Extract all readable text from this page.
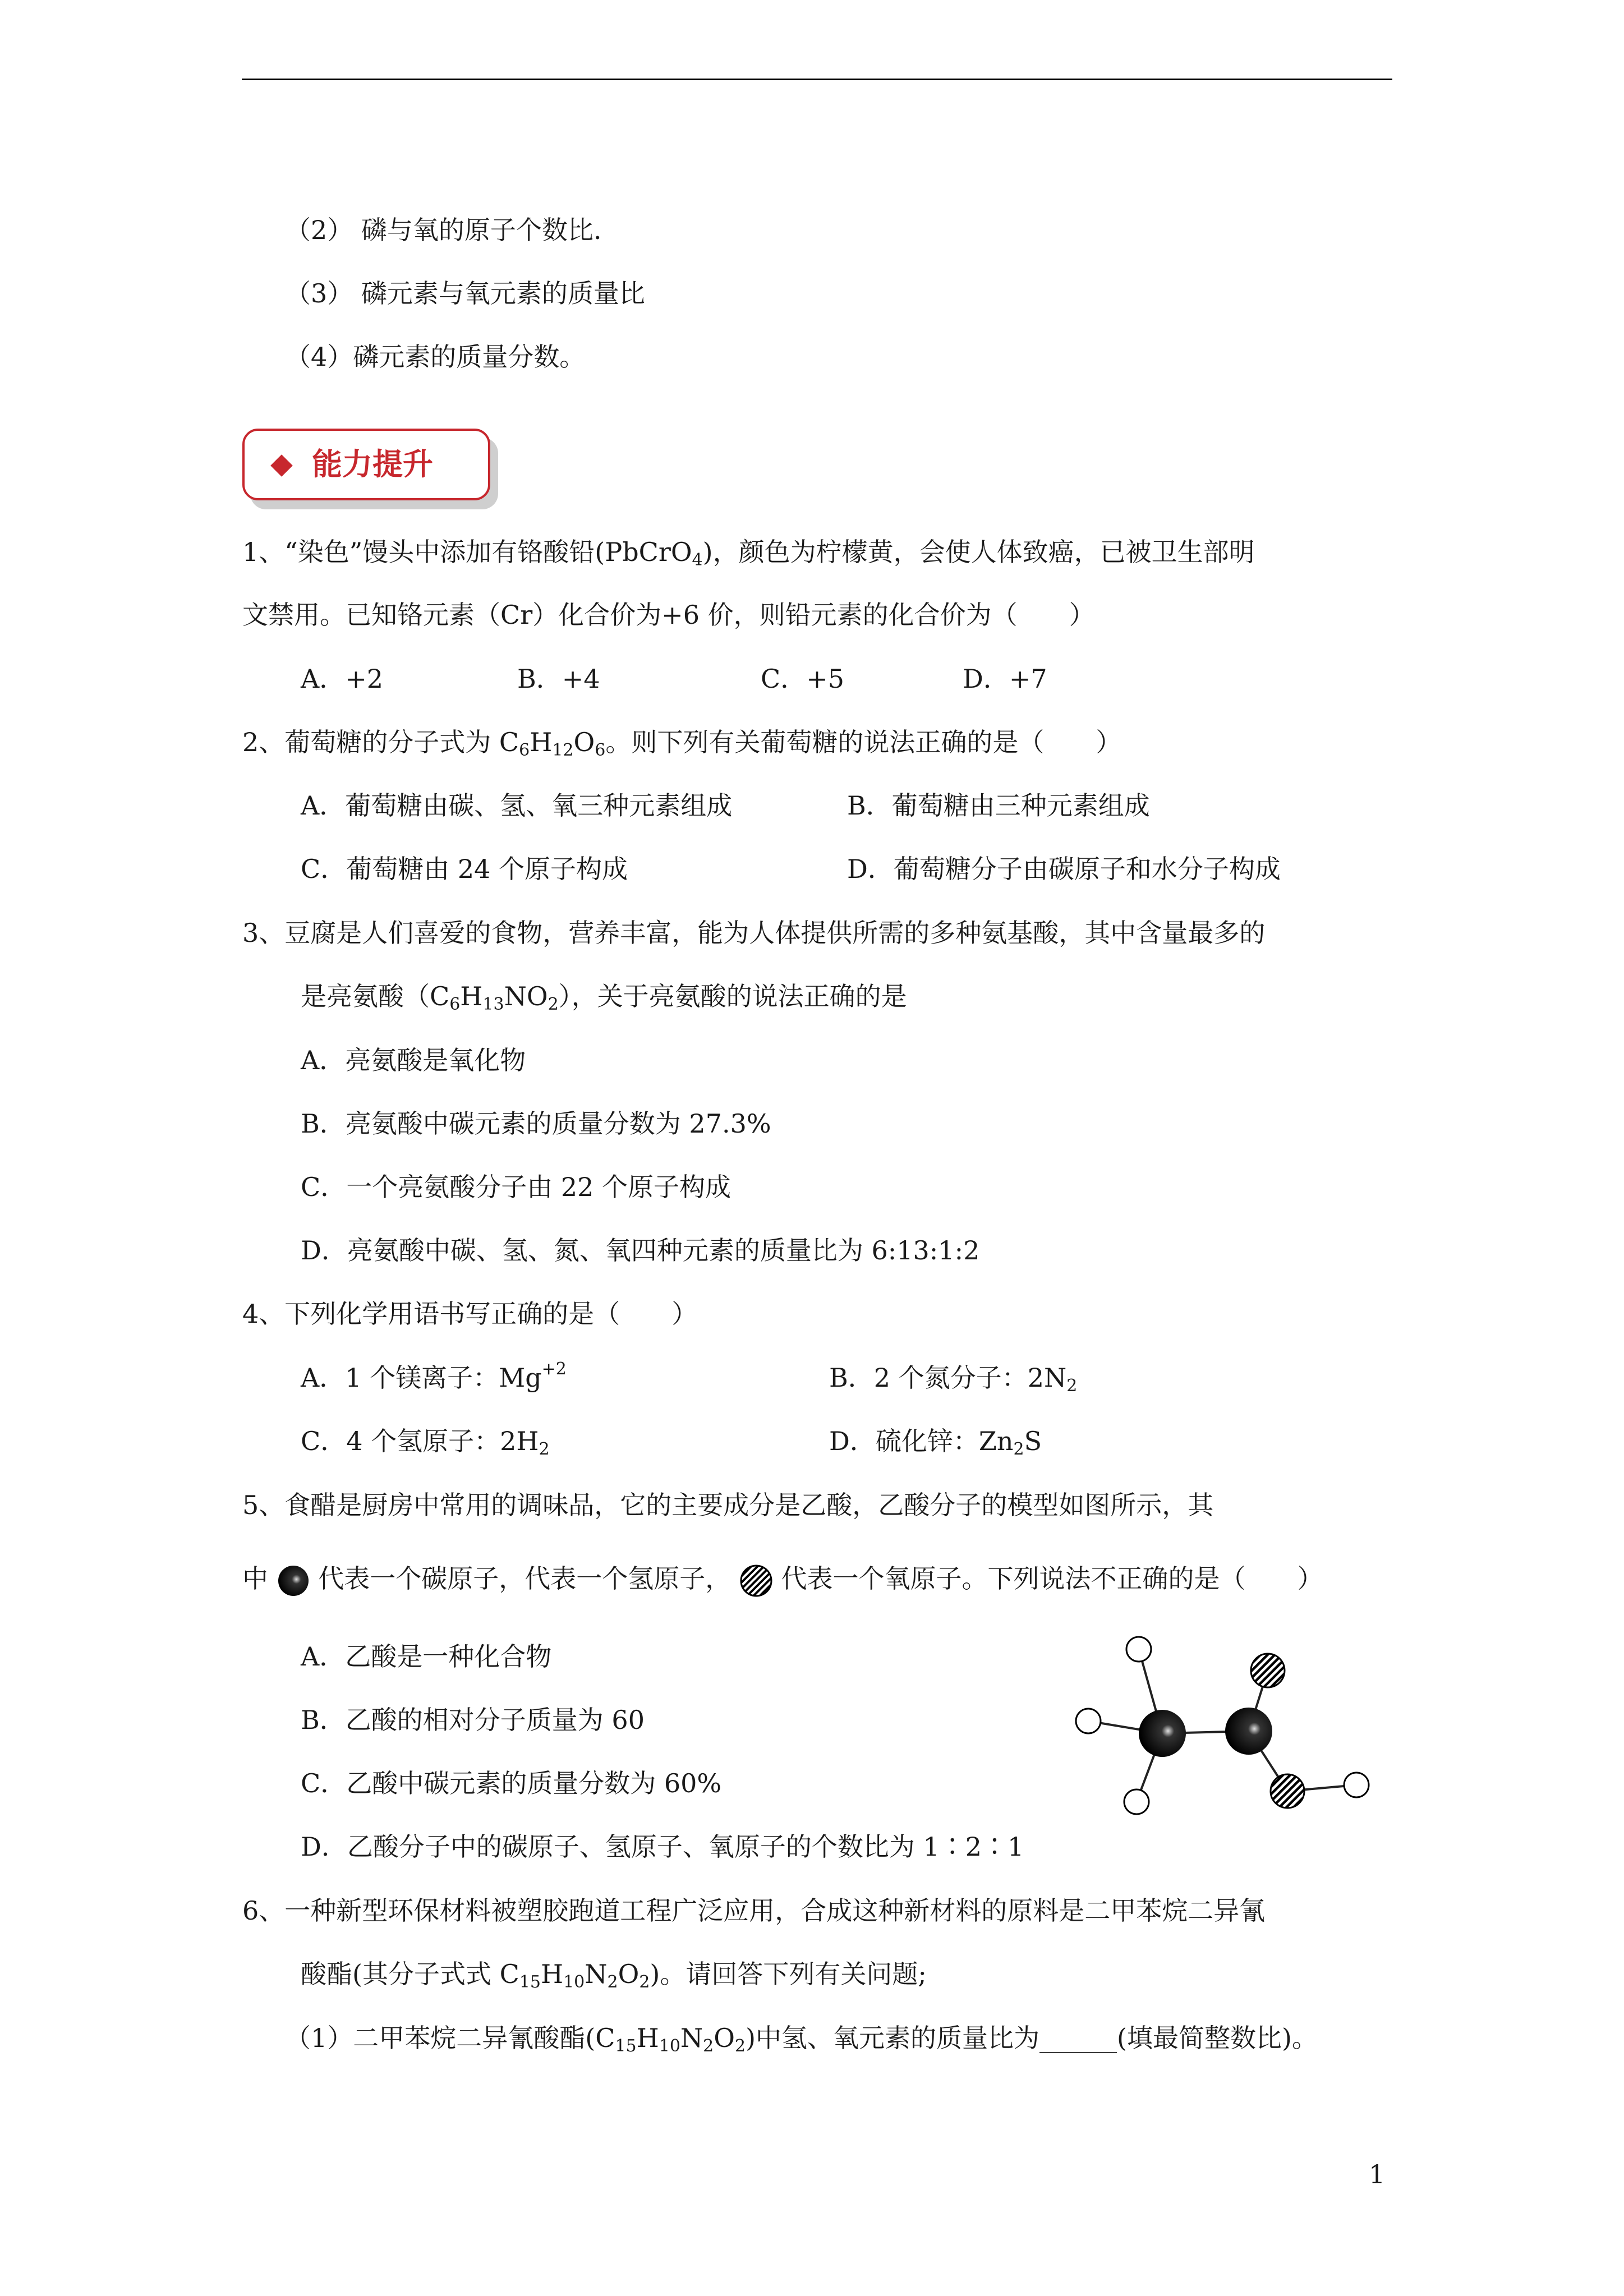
（2） 磷与氧的原子个数比.
（3） 磷元素与氧元素的质量比
（4）磷元素的质量分数。
能力提升
1、“染色”馒头中添加有铬酸铅(PbCrO$_4$)，颜色为柠檬黄，会使人体致癌，已被卫生部明
文禁用。已知铬元素（Cr）化合价为+6 价，则铅元素的化合价为（　　）
A．+2	B．+4	C．+5	D．+7
2、葡萄糖的分子式为 $C_6H_{12}O_6$。则下列有关葡萄糖的说法正确的是（　　）
A．葡萄糖由碳、氢、氧三种元素组成	B．葡萄糖由三种元素组成
C．葡萄糖由 24 个原子构成	D．葡萄糖分子由碳原子和水分子构成
3、豆腐是人们喜爱的食物，营养丰富，能为人体提供所需的多种氨基酸，其中含量最多的
是亮氨酸$(C_6H_{13}NO_2)$，关于亮氨酸的说法正确的是
A．亮氨酸是氧化物
B．亮氨酸中碳元素的质量分数为 27.3%
C．一个亮氨酸分子由 22 个原子构成
D．亮氨酸中碳、氢、氮、氧四种元素的质量比为 6:13:1:2
4、下列化学用语书写正确的是（　　）
A．1 个镁离子：$Mg^{+2}$	B．2 个氮分子：$2N_2$
C．4 个氢原子：$2H_2$	D．硫化锌：$Zn_2S$
5、食醋是厨房中常用的调味品，它的主要成分是乙酸，乙酸分子的模型如图所示，其
中 代表一个碳原子，代表一个氢原子， 代表一个氧原子。下列说法不正确的是（　　）
A．乙酸是一种化合物
B．乙酸的相对分子质量为 60
C．乙酸中碳元素的质量分数为 60%
D．乙酸分子中的碳原子、氢原子、氧原子的个数比为 1∶2∶1
6、一种新型环保材料被塑胶跑道工程广泛应用，合成这种新材料的原料是二甲苯烷二异氰
酸酯(其分子式式 $C_{15}H_{10}N_2O_2$)。请回答下列有关问题;
（1）二甲苯烷二异氰酸酯$(C_{15}H_{10}N_2O_2)$中氢、氧元素的质量比为______(填最简整数比)。
1
